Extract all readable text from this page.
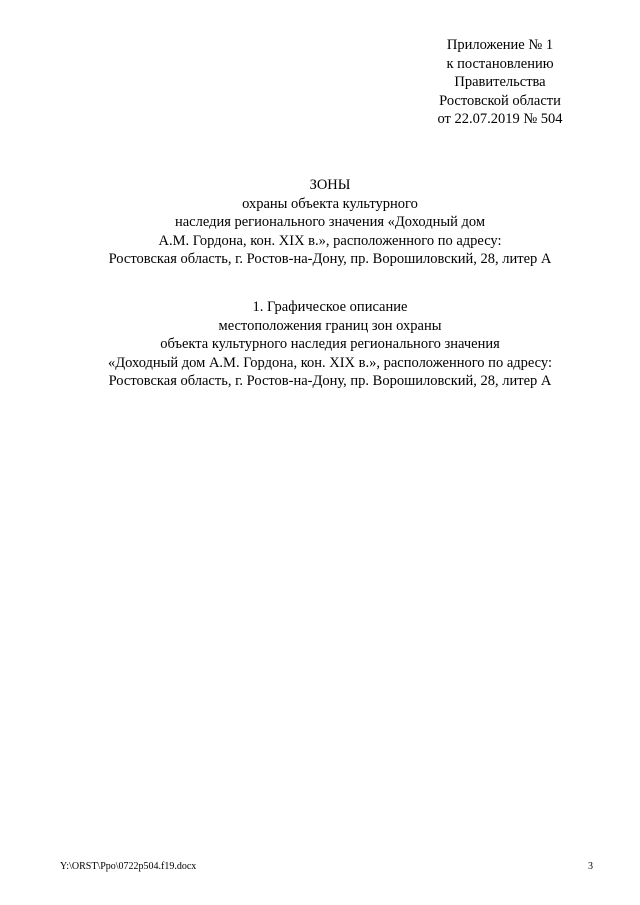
Приложение № 1
к постановлению
Правительства
Ростовской области
от 22.07.2019 № 504
ЗОНЫ
охраны объекта культурного
наследия регионального значения «Доходный дом
А.М. Гордона, кон. XIX в.», расположенного по адресу:
Ростовская область, г. Ростов-на-Дону, пр. Ворошиловский, 28, литер А
1. Графическое описание
местоположения границ зон охраны
объекта культурного наследия регионального значения
«Доходный дом А.М. Гордона, кон. XIX в.», расположенного по адресу:
Ростовская область, г. Ростов-на-Дону, пр. Ворошиловский, 28, литер А
Y:\ORST\Ppo\0722p504.f19.docx	3
